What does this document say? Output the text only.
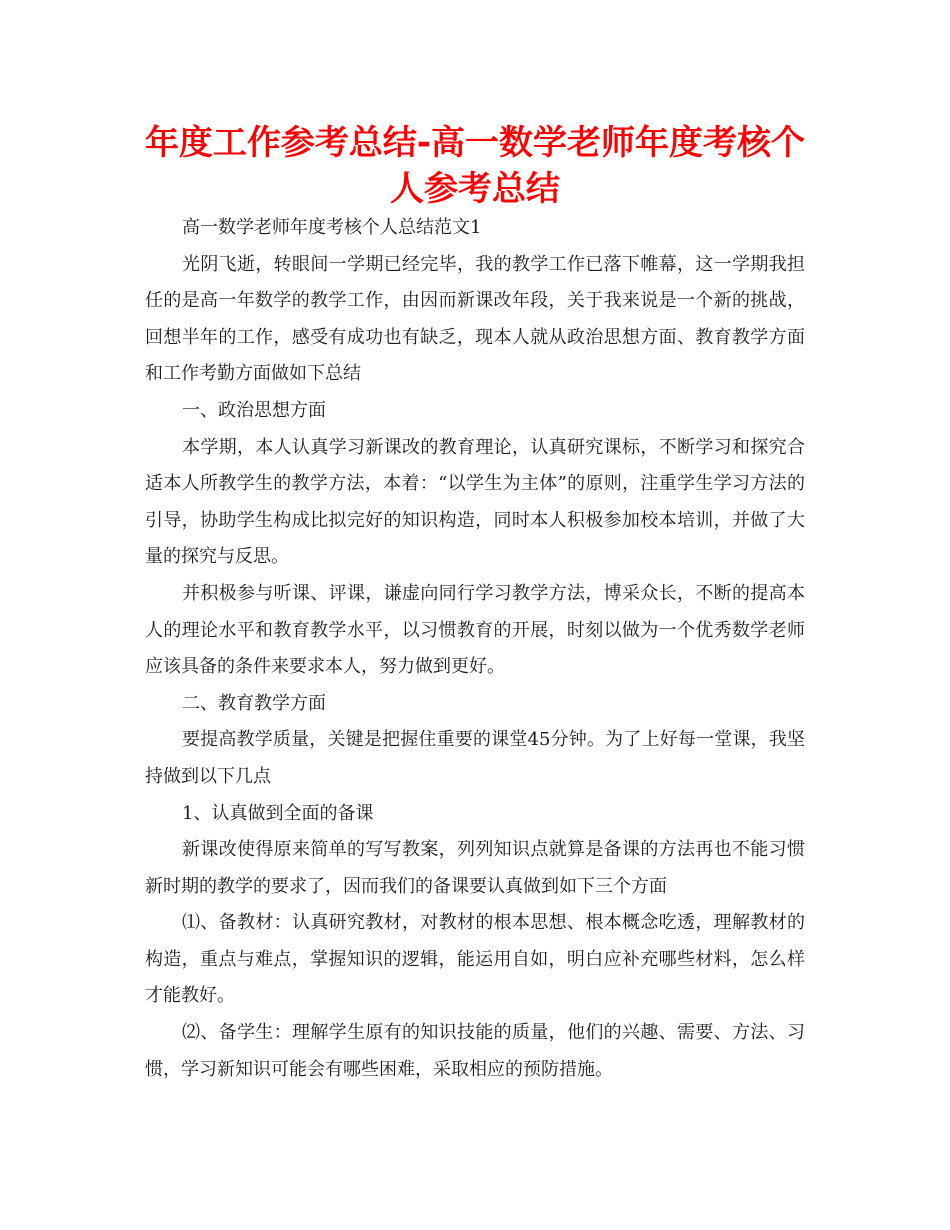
年度工作参考总结-高一数学老师年度考核个人参考总结

高一数学老师年度考核个人总结范文1

光阴飞逝，转眼间一学期已经完毕，我的教学工作已落下帷幕，这一学期我担任的是高一年数学的教学工作，由因而新课改年段，关于我来说是一个新的挑战，回想半年的工作，感受有成功也有缺乏，现本人就从政治思想方面、教育教学方面和工作考勤方面做如下总结

一、政治思想方面

本学期，本人认真学习新课改的教育理论，认真研究课标，不断学习和探究合适本人所教学生的教学方法，本着：“以学生为主体”的原则，注重学生学习方法的引导，协助学生构成比拟完好的知识构造，同时本人积极参加校本培训，并做了大量的探究与反思。

并积极参与听课、评课，谦虚向同行学习教学方法，博采众长，不断的提高本人的理论水平和教育教学水平，以习惯教育的开展，时刻以做为一个优秀数学老师应该具备的条件来要求本人，努力做到更好。

二、教育教学方面

要提高教学质量，关键是把握住重要的课堂45分钟。为了上好每一堂课，我坚持做到以下几点

1、认真做到全面的备课

新课改使得原来简单的写写教案，列列知识点就算是备课的方法再也不能习惯新时期的教学的要求了，因而我们的备课要认真做到如下三个方面

⑴、备教材：认真研究教材，对教材的根本思想、根本概念吃透，理解教材的构造，重点与难点，掌握知识的逻辑，能运用自如，明白应补充哪些材料，怎么样才能教好。

⑵、备学生：理解学生原有的知识技能的质量，他们的兴趣、需要、方法、习惯，学习新知识可能会有哪些困难，采取相应的预防措施。
